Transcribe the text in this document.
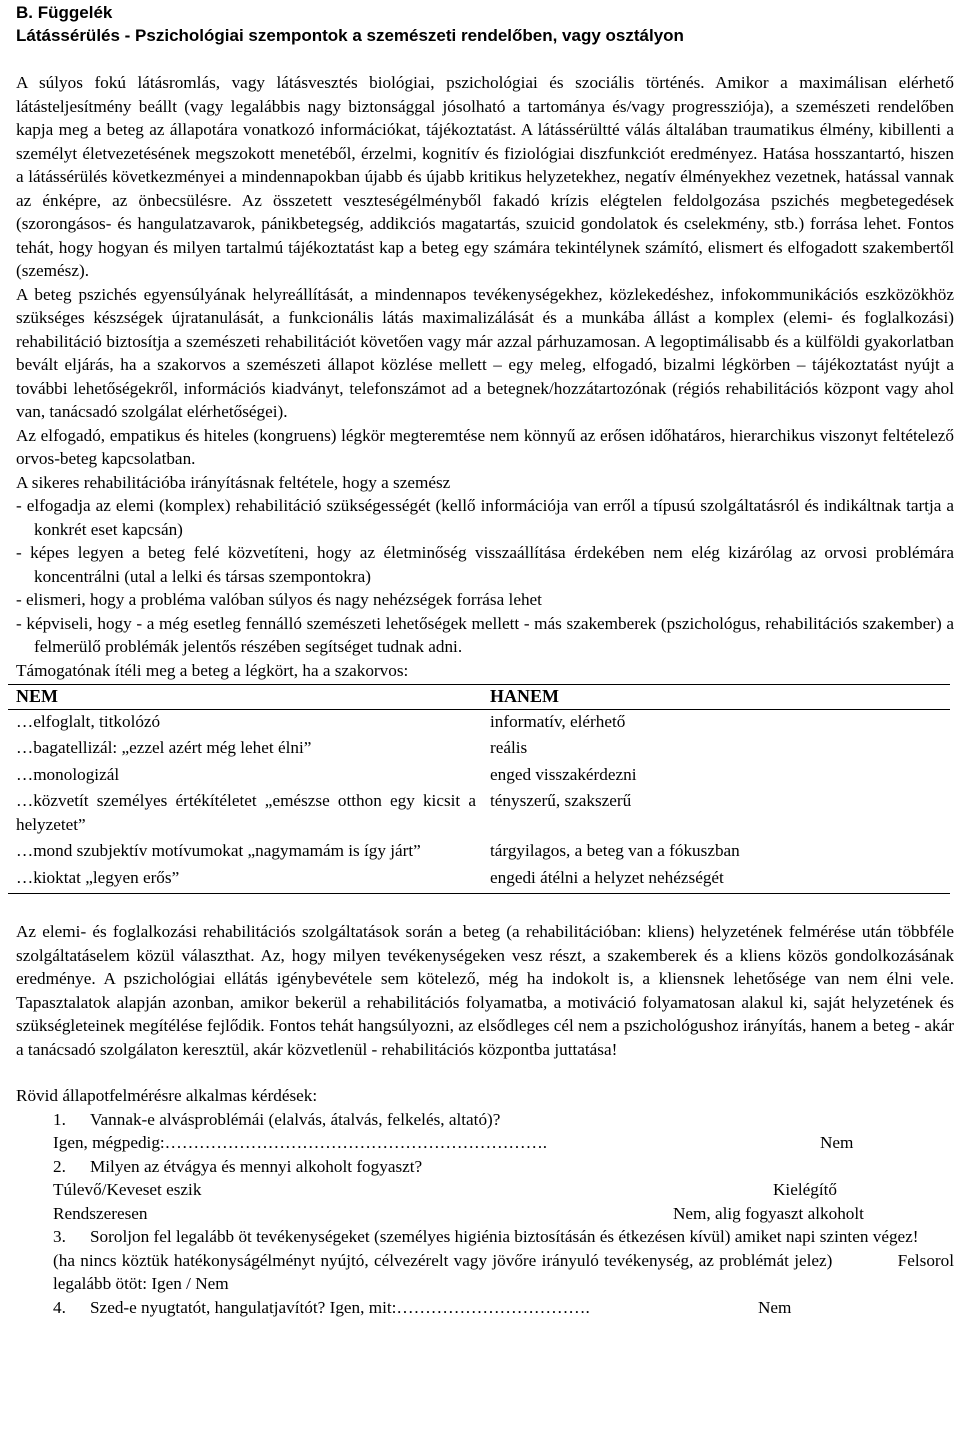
B. Függelék
Látássérülés - Pszichológiai szempontok a szemészeti rendelőben, vagy osztályon

A súlyos fokú látásromlás, vagy látásvesztés biológiai, pszichológiai és szociális történés. Amikor a maximálisan elérhető látásteljesítmény beállt (vagy legalábbis nagy biztonsággal jósolható a tartománya és/vagy progressziója), a szemészeti rendelőben kapja meg a beteg az állapotára vonatkozó információkat, tájékoztatást. A látássérültté válás általában traumatikus élmény, kibillenti a személyt életvezetésének megszokott menetéből, érzelmi, kognitív és fiziológiai diszfunkciót eredményez. Hatása hosszantartó, hiszen a látássérülés következményei a mindennapokban újabb és újabb kritikus helyzetekhez, negatív élményekhez vezetnek, hatással vannak az énképre, az önbecsülésre. Az összetett veszteségélményből fakadó krízis elégtelen feldolgozása pszichés megbetegedések (szorongásos- és hangulatzavarok, pánikbetegség, addikciós magatartás, szuicid gondolatok és cselekmény, stb.) forrása lehet. Fontos tehát, hogy hogyan és milyen tartalmú tájékoztatást kap a beteg egy számára tekintélynek számító, elismert és elfogadott szakembertől (szemész).

A beteg pszichés egyensúlyának helyreállítását, a mindennapos tevékenységekhez, közlekedéshez, infokommunikációs eszközökhöz szükséges készségek újratanulását, a funkcionális látás maximalizálását és a munkába állást a komplex (elemi- és foglalkozási) rehabilitáció biztosítja a szemészeti rehabilitációt követően vagy már azzal párhuzamosan. A legoptimálisabb és a külföldi gyakorlatban bevált eljárás, ha a szakorvos a szemészeti állapot közlése mellett – egy meleg, elfogadó, bizalmi légkörben – tájékoztatást nyújt a további lehetőségekről, információs kiadványt, telefonszámot ad a betegnek/hozzátartozónak (régiós rehabilitációs központ vagy ahol van, tanácsadó szolgálat elérhetőségei).

Az elfogadó, empatikus és hiteles (kongruens) légkör megteremtése nem könnyű az erősen időhatáros, hierarchikus viszonyt feltételező orvos-beteg kapcsolatban.

A sikeres rehabilitációba irányításnak feltétele, hogy a szemész

- elfogadja az elemi (komplex) rehabilitáció szükségességét (kellő információja van erről a típusú szolgáltatásról és indikáltnak tartja a konkrét eset kapcsán)

- képes legyen a beteg felé közvetíteni, hogy az életminőség visszaállítása érdekében nem elég kizárólag az orvosi problémára koncentrálni (utal a lelki és társas szempontokra)

- elismeri, hogy a probléma valóban súlyos és nagy nehézségek forrása lehet

- képviseli, hogy - a még esetleg fennálló szemészeti lehetőségek mellett - más szakemberek (pszichológus, rehabilitációs szakember) a felmerülő problémák jelentős részében segítséget tudnak adni.

Támogatónak ítéli meg a beteg a légkört, ha a szakorvos:

NEM	HANEM
…elfoglalt, titkolózó	informatív, elérhető
…bagatellizál: „ezzel azért még lehet élni”	reális
…monologizál	enged visszakérdezni
…közvetít személyes értékítéletet „emészse otthon egy kicsit a helyzetet”	tényszerű, szakszerű
…mond szubjektív motívumokat „nagymamám is így járt”	tárgyilagos, a beteg van a fókuszban
…kioktat „legyen erős”	engedi átélni a helyzet nehézségét

Az elemi- és foglalkozási rehabilitációs szolgáltatások során a beteg (a rehabilitációban: kliens) helyzetének felmérése után többféle szolgáltatáselem közül választhat. Az, hogy milyen tevékenységeken vesz részt, a szakemberek és a kliens közös gondolkozásának eredménye. A pszichológiai ellátás igénybevétele sem kötelező, még ha indokolt is, a kliensnek lehetősége van nem élni vele. Tapasztalatok alapján azonban, amikor bekerül a rehabilitációs folyamatba, a motiváció folyamatosan alakul ki, saját helyzetének és szükségleteinek megítélése fejlődik. Fontos tehát hangsúlyozni, az elsődleges cél nem a pszichológushoz irányítás, hanem a beteg - akár a tanácsadó szolgálaton keresztül, akár közvetlenül - rehabilitációs központba juttatása!

Rövid állapotfelmérésre alkalmas kérdések:

1. Vannak-e alvásproblémái (elalvás, átalvás, felkelés, altató)?
Igen, mégpedig:………………………………………………………….	Nem
2. Milyen az étvágya és mennyi alkoholt fogyaszt?
Túlevő/Keveset eszik	Kielégítő
Rendszeresen	Nem, alig fogyaszt alkoholt
3. Soroljon fel legalább öt tevékenységeket (személyes higiénia biztosításán és étkezésen kívül) amiket napi szinten végez!
(ha nincs köztük hatékonyságélményt nyújtó, célvezérelt vagy jövőre irányuló tevékenység, az problémát jelez)	Felsorol legalább ötöt: Igen / Nem
4. Szed-e nyugtatót, hangulatjavítót? Igen, mit:…………………………….	Nem
